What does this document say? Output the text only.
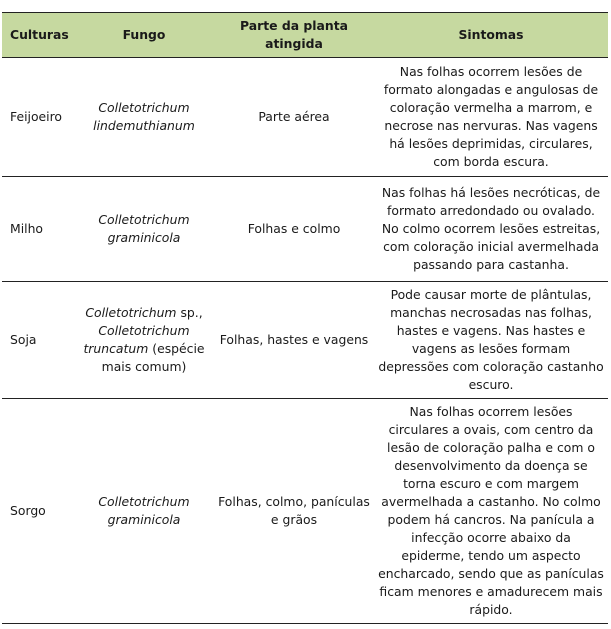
Culturas	Fungo	Parte da planta atingida	Sintomas
Feijoeiro	Colletotrichum lindemuthianum	Parte aérea	Nas folhas ocorrem lesões de formato alongadas e angulosas de coloração vermelha a marrom, e necrose nas nervuras. Nas vagens há lesões deprimidas, circulares, com borda escura.
Milho	Colletotrichum graminicola	Folhas e colmo	Nas folhas há lesões necróticas, de formato arredondado ou ovalado. No colmo ocorrem lesões estreitas, com coloração inicial avermelhada passando para castanha.
Soja	Colletotrichum sp., Colletotrichum truncatum (espécie mais comum)	Folhas, hastes e vagens	Pode causar morte de plântulas, manchas necrosadas nas folhas, hastes e vagens. Nas hastes e vagens as lesões formam depressões com coloração castanho escuro.
Sorgo	Colletotrichum graminicola	Folhas, colmo, panículas e grãos	Nas folhas ocorrem lesões circulares a ovais, com centro da lesão de coloração palha e com o desenvolvimento da doença se torna escuro e com margem avermelhada a castanho. No colmo podem há cancros. Na panícula a infecção ocorre abaixo da epiderme, tendo um aspecto encharcado, sendo que as panículas ficam menores e amadurecem mais rápido.
